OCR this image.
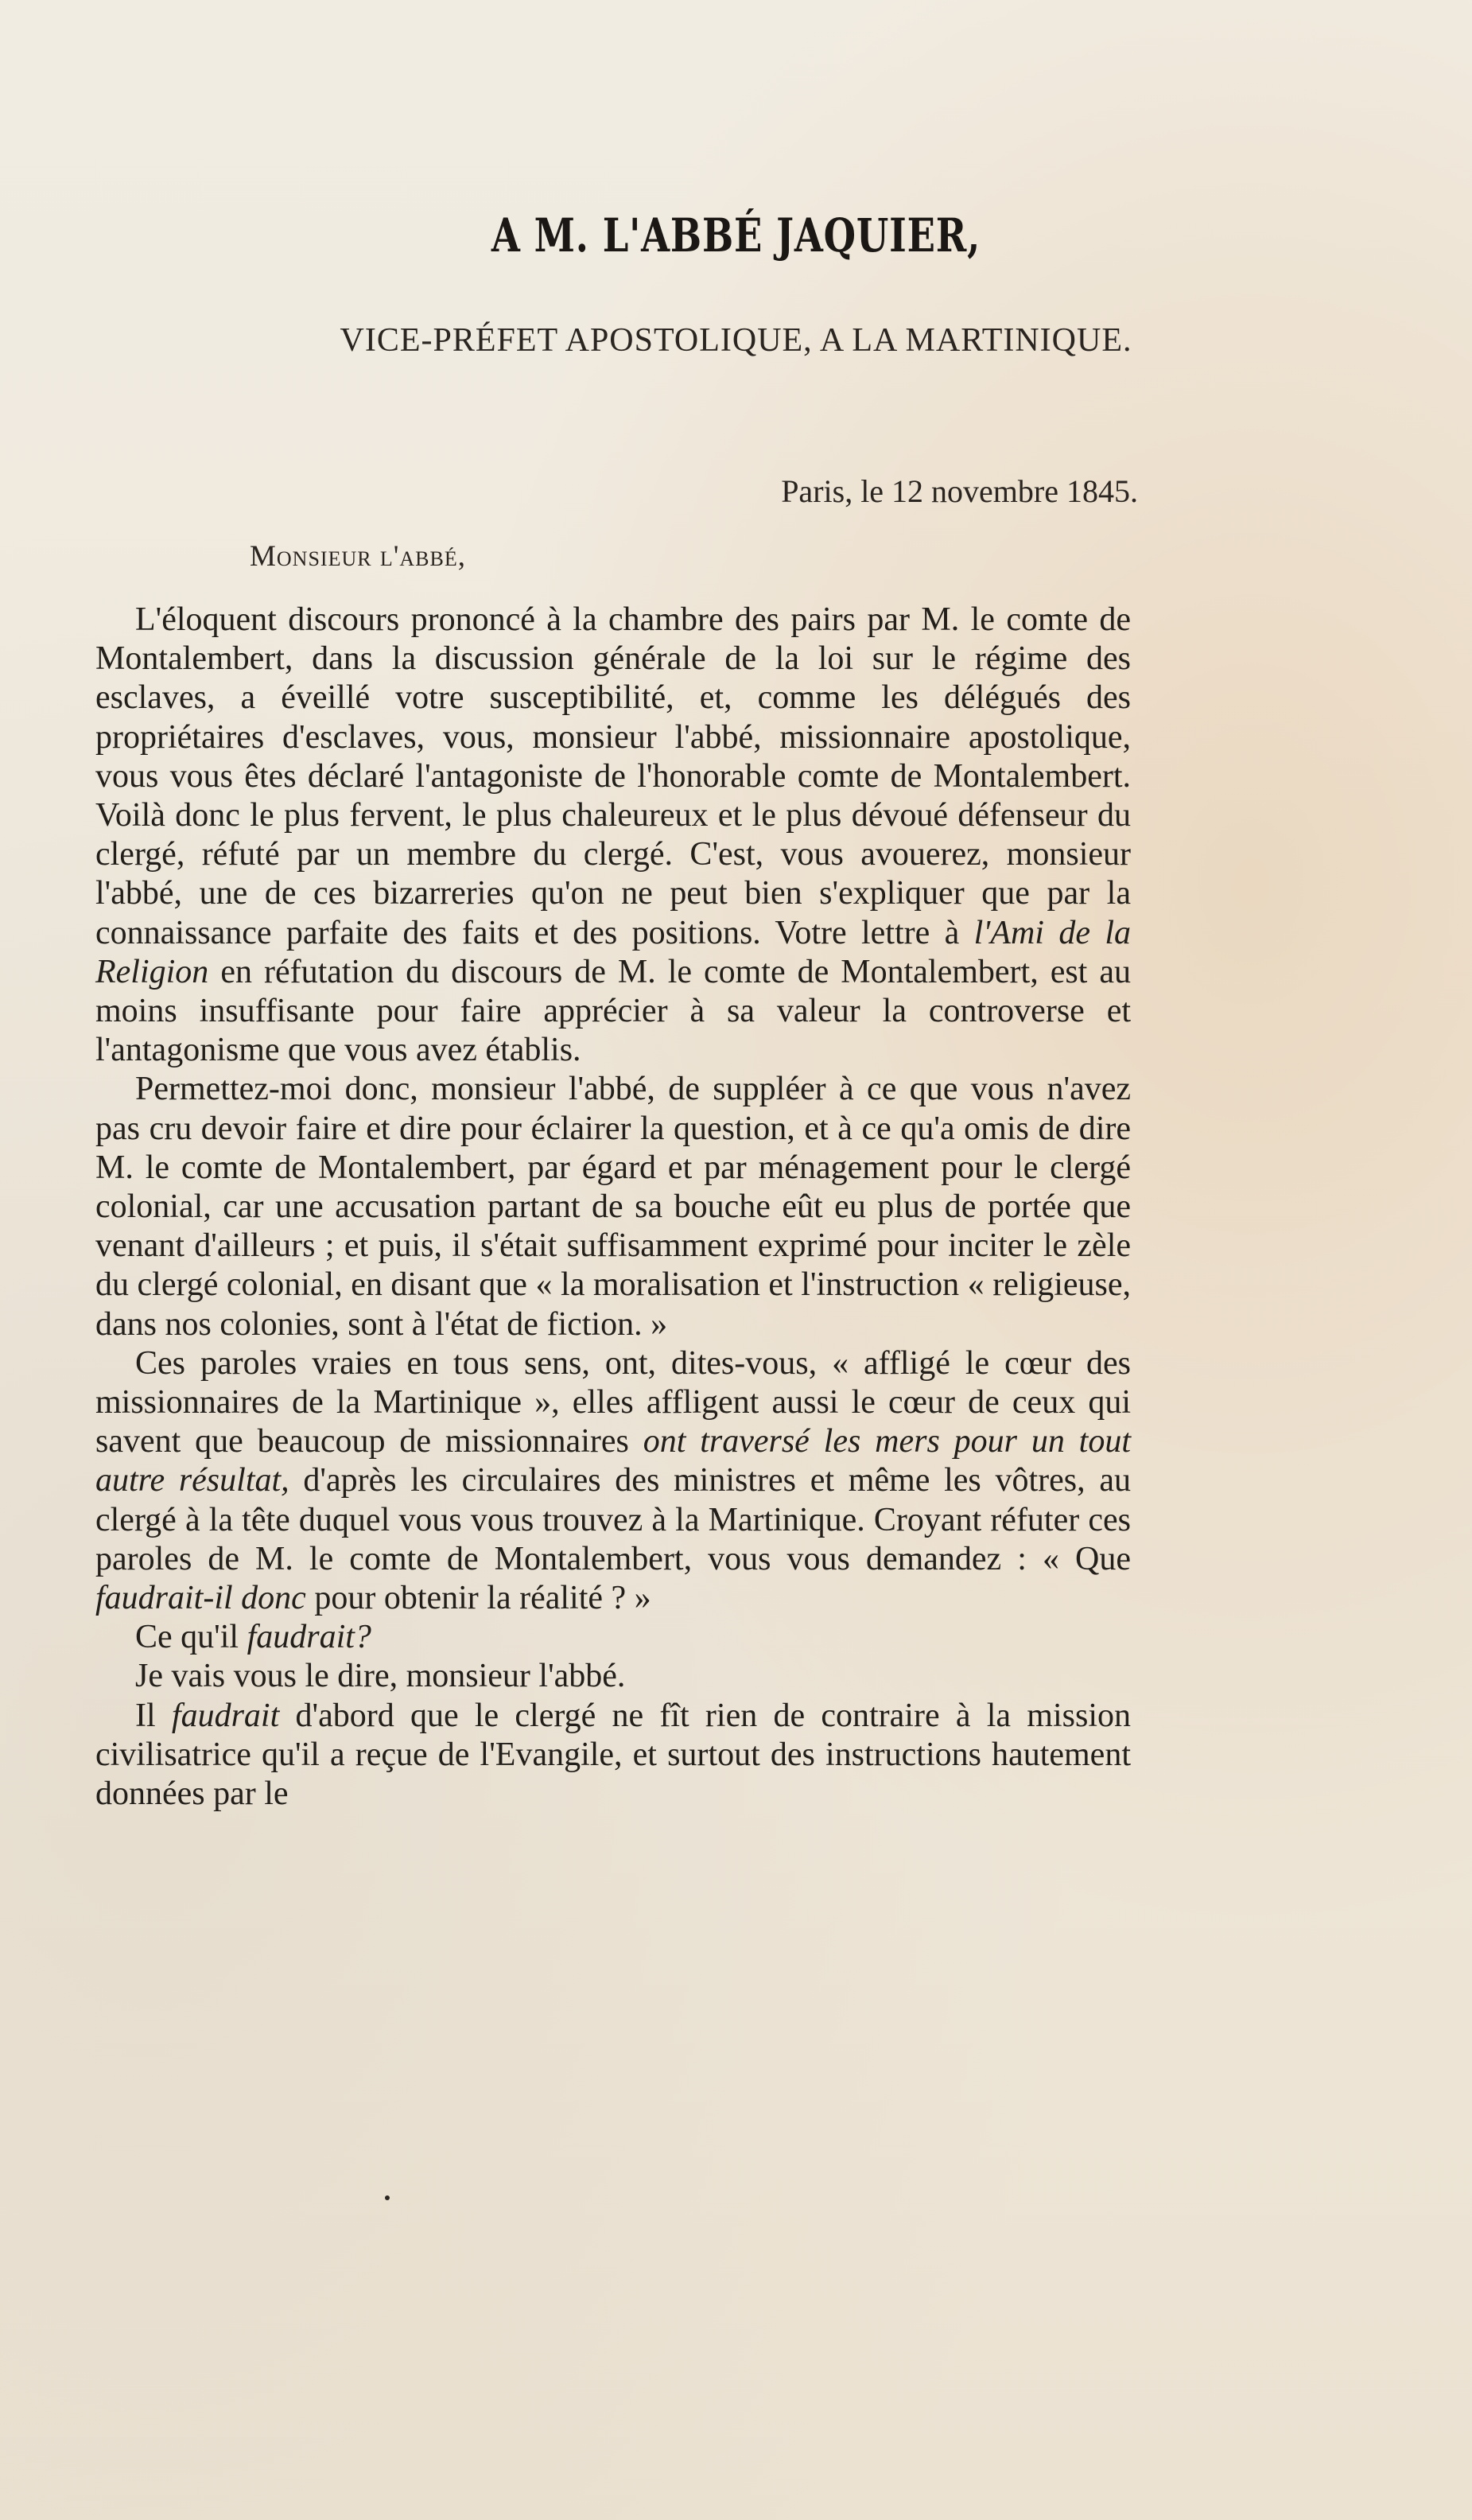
A M. L'ABBÉ JAQUIER,
VICE-PRÉFET APOSTOLIQUE, A LA MARTINIQUE.
Paris, le 12 novembre 1845.
Monsieur l'abbé,

L'éloquent discours prononcé à la chambre des pairs par M. le comte de Montalembert, dans la discussion générale de la loi sur le régime des esclaves, a éveillé votre susceptibilité, et, comme les délégués des propriétaires d'esclaves, vous, monsieur l'abbé, missionnaire apostolique, vous vous êtes déclaré l'antagoniste de l'honorable comte de Montalembert. Voilà donc le plus fervent, le plus chaleureux et le plus dévoué défenseur du clergé, réfuté par un membre du clergé. C'est, vous avouerez, monsieur l'abbé, une de ces bizarreries qu'on ne peut bien s'expliquer que par la connaissance parfaite des faits et des positions. Votre lettre à l'Ami de la Religion en réfutation du discours de M. le comte de Montalembert, est au moins insuffisante pour faire apprécier à sa valeur la controverse et l'antagonisme que vous avez établis.

Permettez-moi donc, monsieur l'abbé, de suppléer à ce que vous n'avez pas cru devoir faire et dire pour éclairer la question, et à ce qu'a omis de dire M. le comte de Montalembert, par égard et par ménagement pour le clergé colonial, car une accusation partant de sa bouche eût eu plus de portée que venant d'ailleurs ; et puis, il s'était suffisamment exprimé pour inciter le zèle du clergé colonial, en disant que « la moralisation et l'instruction « religieuse, dans nos colonies, sont à l'état de fiction. »

Ces paroles vraies en tous sens, ont, dites-vous, « affligé le cœur des missionnaires de la Martinique », elles affligent aussi le cœur de ceux qui savent que beaucoup de missionnaires ont traversé les mers pour un tout autre résultat, d'après les circulaires des ministres et même les vôtres, au clergé à la tête duquel vous vous trouvez à la Martinique. Croyant réfuter ces paroles de M. le comte de Montalembert, vous vous demandez : « Que faudrait-il donc pour obtenir la réalité ? »

Ce qu'il faudrait?

Je vais vous le dire, monsieur l'abbé.

Il faudrait d'abord que le clergé ne fît rien de contraire à la mission civilisatrice qu'il a reçue de l'Evangile, et surtout des instructions hautement données par le
